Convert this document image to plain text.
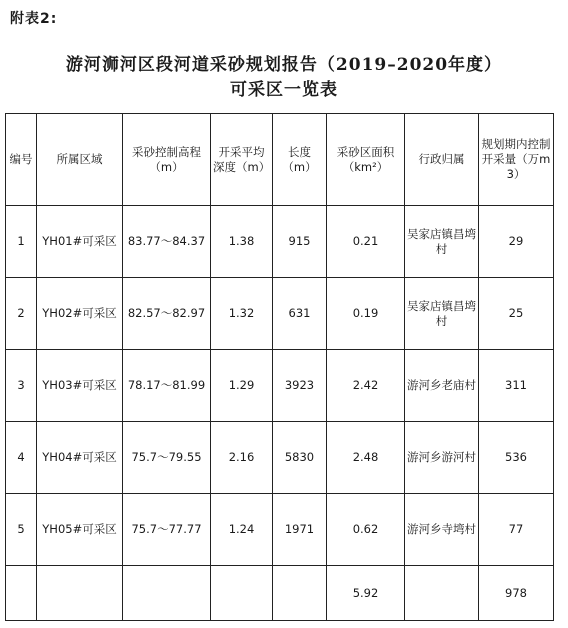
附表2:
游河浉河区段河道采砂规划报告（2019–2020年度）
可采区一览表
编号	所属区域	采砂控制高程（m）	开采平均深度（m）	长度（m）	采砂区面积（km²）	行政归属	规划期内控制开采量（万m3）
1	YH01#可采区	83.77～84.37	1.38	915	0.21	吴家店镇昌塆村	29
2	YH02#可采区	82.57～82.97	1.32	631	0.19	吴家店镇昌塆村	25
3	YH03#可采区	78.17～81.99	1.29	3923	2.42	游河乡老庙村	311
4	YH04#可采区	75.7～79.55	2.16	5830	2.48	游河乡游河村	536
5	YH05#可采区	75.7～77.77	1.24	1971	0.62	游河乡寺塆村	77
					5.92		978
